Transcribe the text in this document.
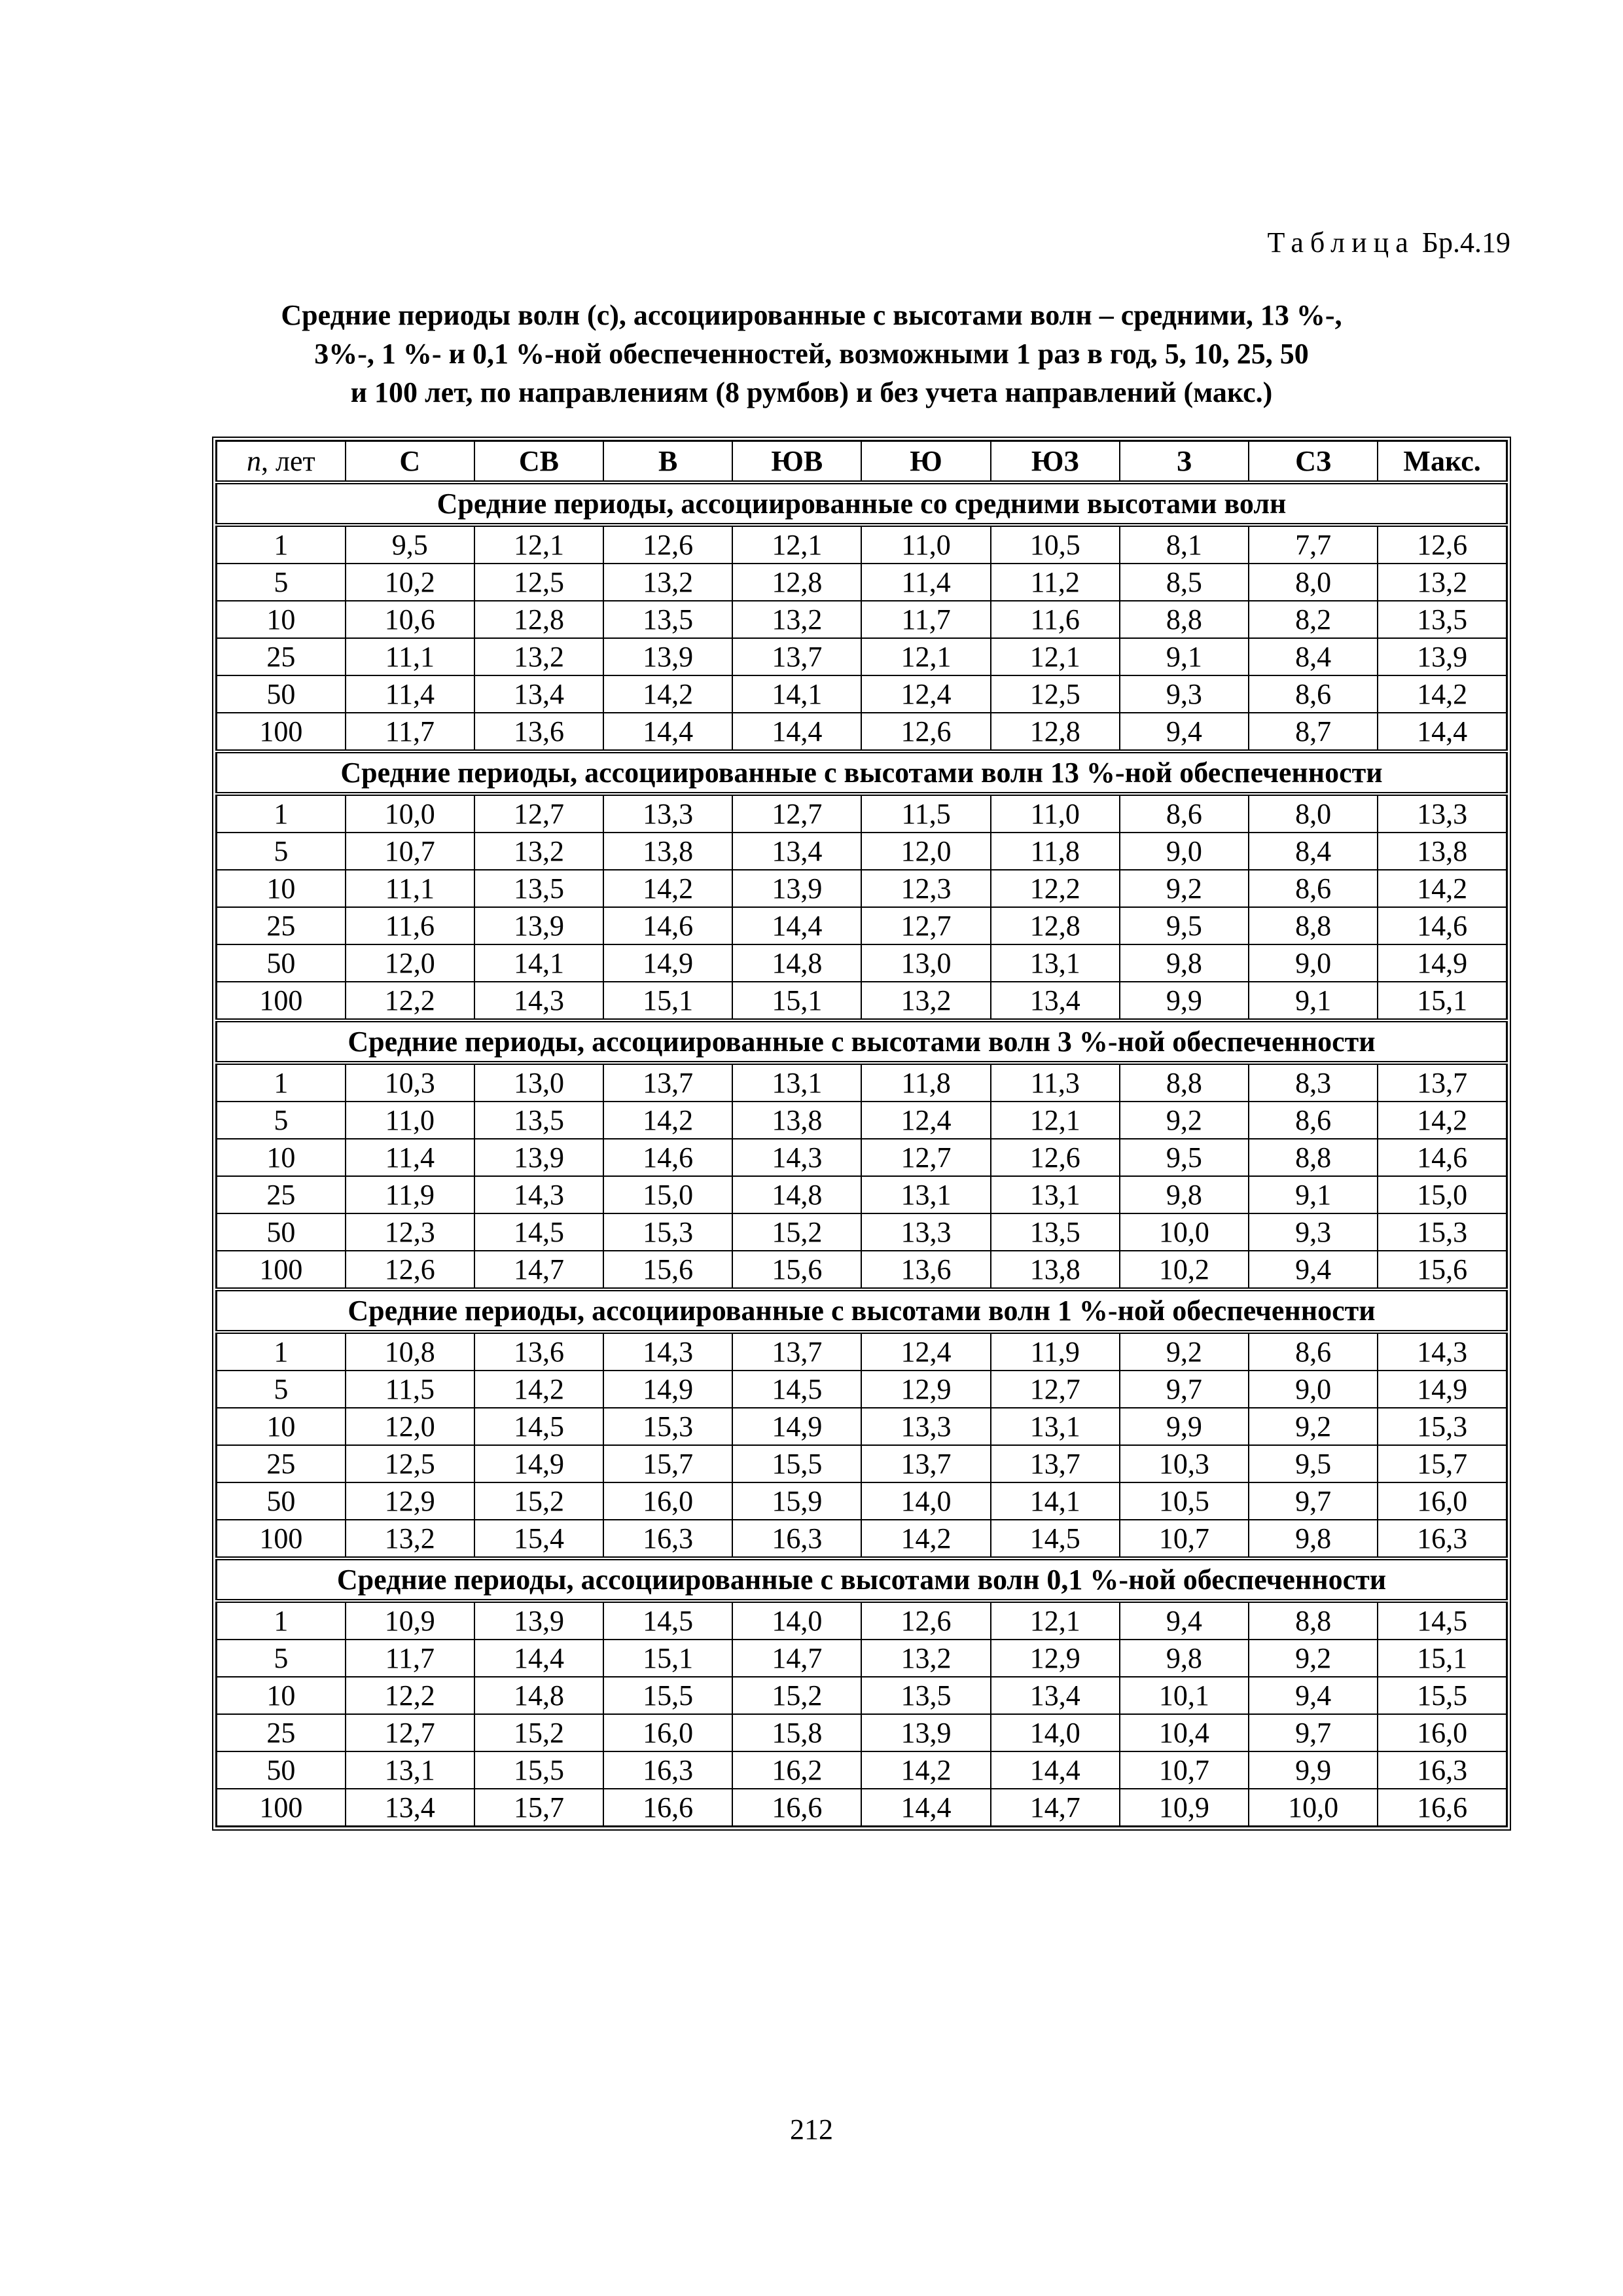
Таблица Бр.4.19
Средние периоды волн (с), ассоциированные с высотами волн – средними, 13 %-,
3%-, 1 %- и 0,1 %-ной обеспеченностей, возможными 1 раз в год, 5, 10, 25, 50
и 100 лет, по направлениям (8 румбов) и без учета направлений (макс.)
n, лет	С	СВ	В	ЮВ	Ю	ЮЗ	З	СЗ	Макс.
Средние периоды, ассоциированные со средними высотами волн									
1	9,5	12,1	12,6	12,1	11,0	10,5	8,1	7,7	12,6
5	10,2	12,5	13,2	12,8	11,4	11,2	8,5	8,0	13,2
10	10,6	12,8	13,5	13,2	11,7	11,6	8,8	8,2	13,5
25	11,1	13,2	13,9	13,7	12,1	12,1	9,1	8,4	13,9
50	11,4	13,4	14,2	14,1	12,4	12,5	9,3	8,6	14,2
100	11,7	13,6	14,4	14,4	12,6	12,8	9,4	8,7	14,4
Средние периоды, ассоциированные с высотами волн 13 %-ной обеспеченности									
1	10,0	12,7	13,3	12,7	11,5	11,0	8,6	8,0	13,3
5	10,7	13,2	13,8	13,4	12,0	11,8	9,0	8,4	13,8
10	11,1	13,5	14,2	13,9	12,3	12,2	9,2	8,6	14,2
25	11,6	13,9	14,6	14,4	12,7	12,8	9,5	8,8	14,6
50	12,0	14,1	14,9	14,8	13,0	13,1	9,8	9,0	14,9
100	12,2	14,3	15,1	15,1	13,2	13,4	9,9	9,1	15,1
Средние периоды, ассоциированные с высотами волн 3 %-ной обеспеченности									
1	10,3	13,0	13,7	13,1	11,8	11,3	8,8	8,3	13,7
5	11,0	13,5	14,2	13,8	12,4	12,1	9,2	8,6	14,2
10	11,4	13,9	14,6	14,3	12,7	12,6	9,5	8,8	14,6
25	11,9	14,3	15,0	14,8	13,1	13,1	9,8	9,1	15,0
50	12,3	14,5	15,3	15,2	13,3	13,5	10,0	9,3	15,3
100	12,6	14,7	15,6	15,6	13,6	13,8	10,2	9,4	15,6
Средние периоды, ассоциированные с высотами волн 1 %-ной обеспеченности									
1	10,8	13,6	14,3	13,7	12,4	11,9	9,2	8,6	14,3
5	11,5	14,2	14,9	14,5	12,9	12,7	9,7	9,0	14,9
10	12,0	14,5	15,3	14,9	13,3	13,1	9,9	9,2	15,3
25	12,5	14,9	15,7	15,5	13,7	13,7	10,3	9,5	15,7
50	12,9	15,2	16,0	15,9	14,0	14,1	10,5	9,7	16,0
100	13,2	15,4	16,3	16,3	14,2	14,5	10,7	9,8	16,3
Средние периоды, ассоциированные с высотами волн 0,1 %-ной обеспеченности									
1	10,9	13,9	14,5	14,0	12,6	12,1	9,4	8,8	14,5
5	11,7	14,4	15,1	14,7	13,2	12,9	9,8	9,2	15,1
10	12,2	14,8	15,5	15,2	13,5	13,4	10,1	9,4	15,5
25	12,7	15,2	16,0	15,8	13,9	14,0	10,4	9,7	16,0
50	13,1	15,5	16,3	16,2	14,2	14,4	10,7	9,9	16,3
100	13,4	15,7	16,6	16,6	14,4	14,7	10,9	10,0	16,6
212
